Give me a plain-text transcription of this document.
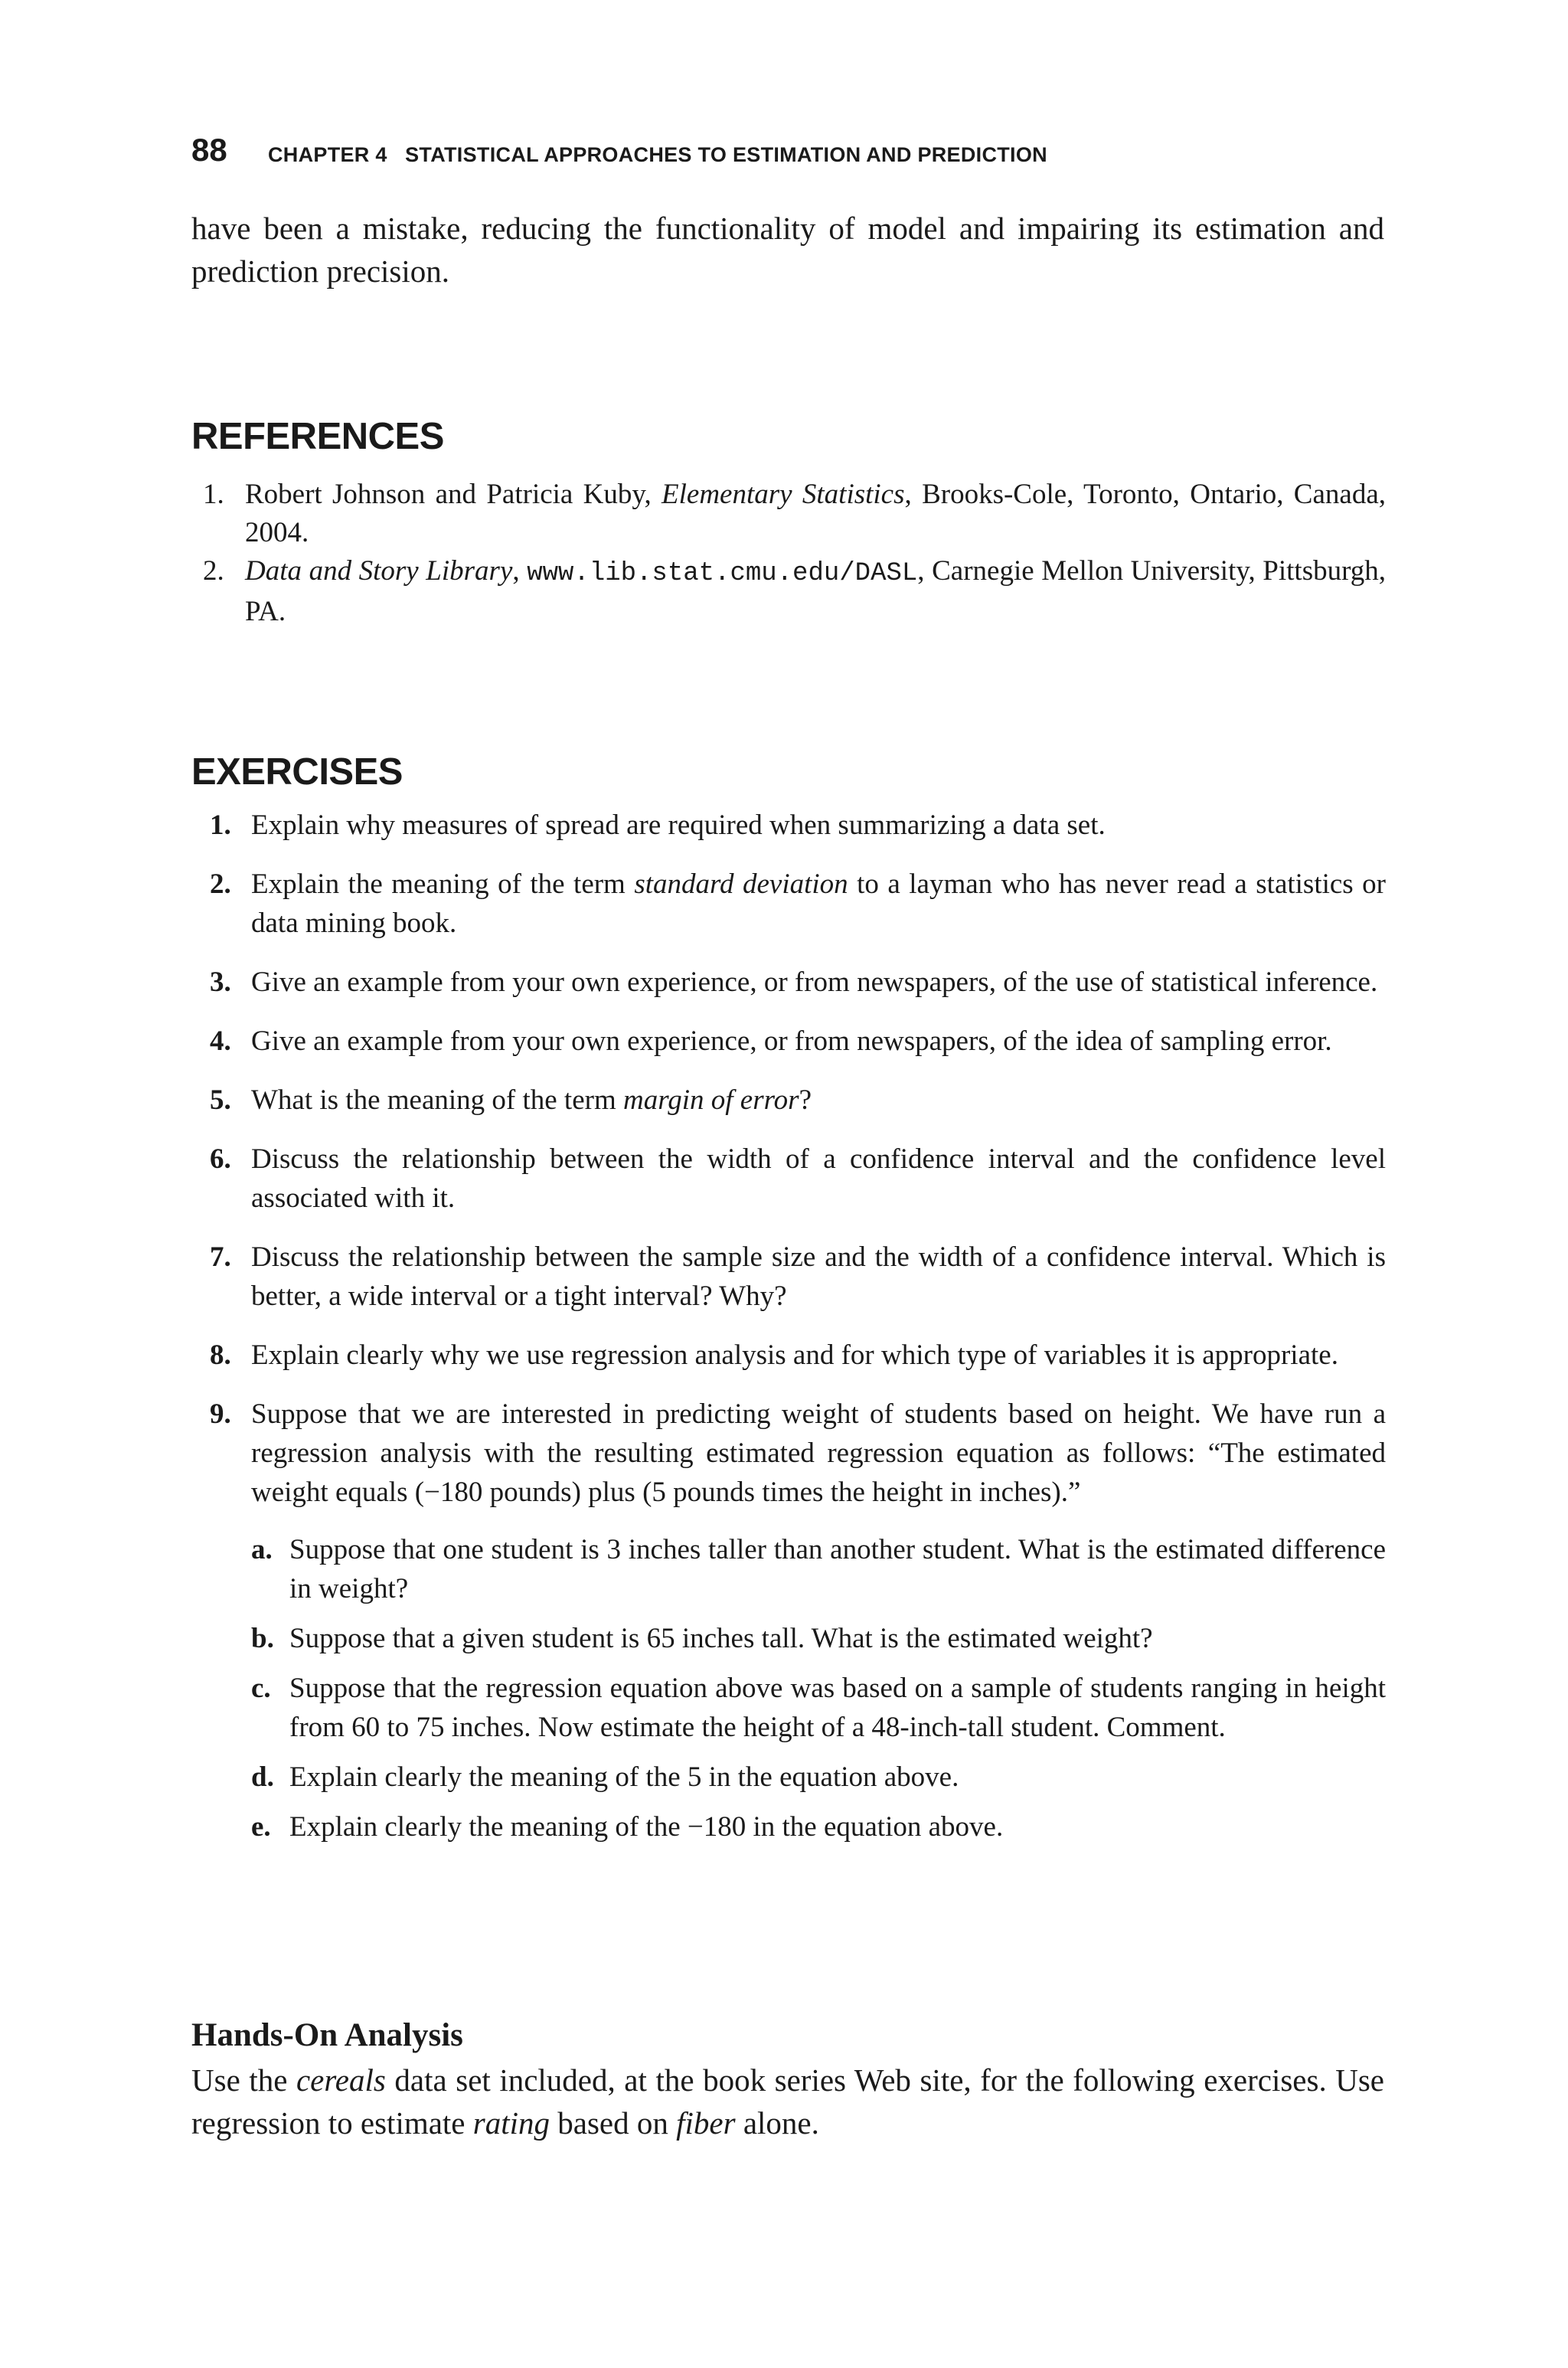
88 CHAPTER 4   STATISTICAL APPROACHES TO ESTIMATION AND PREDICTION

have been a mistake, reducing the functionality of model and impairing its estimation and prediction precision.

REFERENCES
1. Robert Johnson and Patricia Kuby, Elementary Statistics, Brooks-Cole, Toronto, Ontario, Canada, 2004.
2. Data and Story Library, www.lib.stat.cmu.edu/DASL, Carnegie Mellon University, Pittsburgh, PA.
EXERCISES
1. Explain why measures of spread are required when summarizing a data set.
2. Explain the meaning of the term standard deviation to a layman who has never read a statistics or data mining book.
3. Give an example from your own experience, or from newspapers, of the use of statistical inference.
4. Give an example from your own experience, or from newspapers, of the idea of sampling error.
5. What is the meaning of the term margin of error?
6. Discuss the relationship between the width of a confidence interval and the confidence level associated with it.
7. Discuss the relationship between the sample size and the width of a confidence interval. Which is better, a wide interval or a tight interval? Why?
8. Explain clearly why we use regression analysis and for which type of variables it is appropriate.
9. Suppose that we are interested in predicting weight of students based on height. We have run a regression analysis with the resulting estimated regression equation as follows: “The estimated weight equals (−180 pounds) plus (5 pounds times the height in inches).”
a. Suppose that one student is 3 inches taller than another student. What is the estimated difference in weight?
b. Suppose that a given student is 65 inches tall. What is the estimated weight?
c. Suppose that the regression equation above was based on a sample of students ranging in height from 60 to 75 inches. Now estimate the height of a 48-inch-tall student. Comment.
d. Explain clearly the meaning of the 5 in the equation above.
e. Explain clearly the meaning of the −180 in the equation above.
Hands-On Analysis

Use the cereals data set included, at the book series Web site, for the following exercises. Use regression to estimate rating based on fiber alone.
